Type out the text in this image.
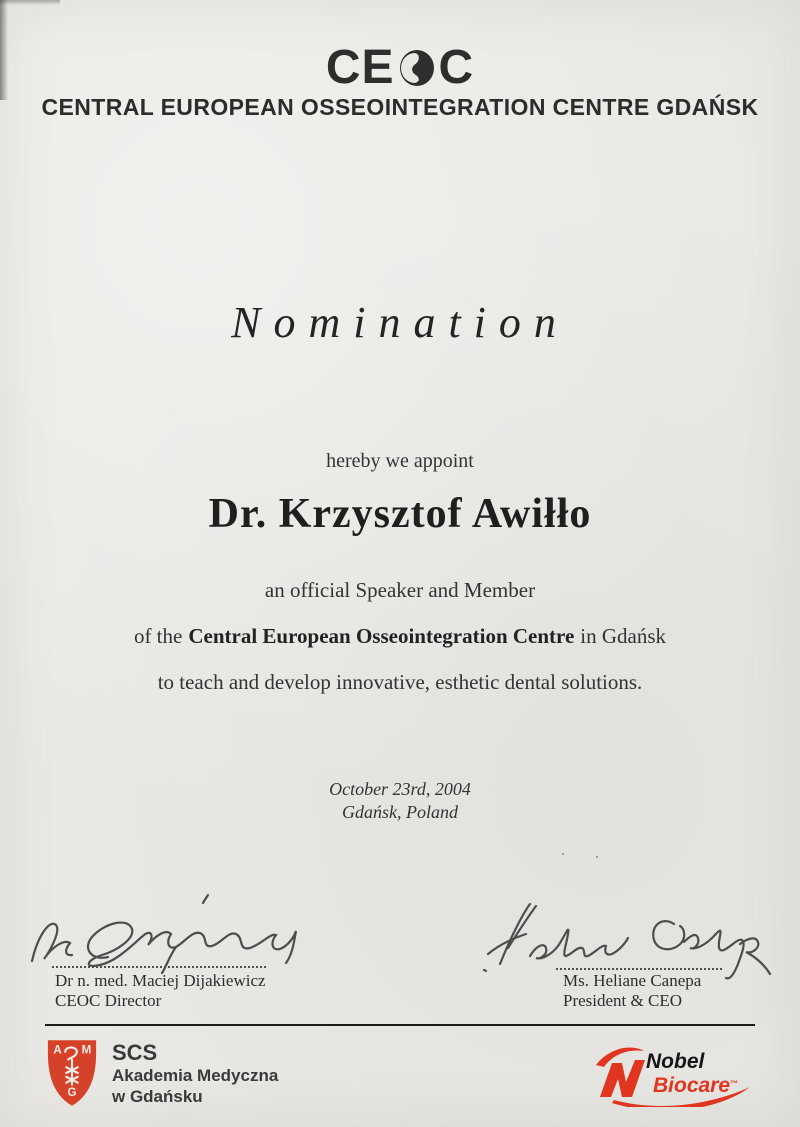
CE C
CENTRAL EUROPEAN OSSEOINTEGRATION CENTRE GDAŃSK
Nomination
hereby we appoint
Dr. Krzysztof Awiłło
an official Speaker and Member
of the Central European Osseointegration Centre in Gdańsk
to teach and develop innovative, esthetic dental solutions.
October 23rd, 2004
Gdańsk, Poland
Dr n. med. Maciej Dijakiewicz
CEOC Director
Ms. Heliane Canepa
President & CEO
A M
G
SCS
Akademia Medyczna
w Gdańsku
Nobel
Biocare™
